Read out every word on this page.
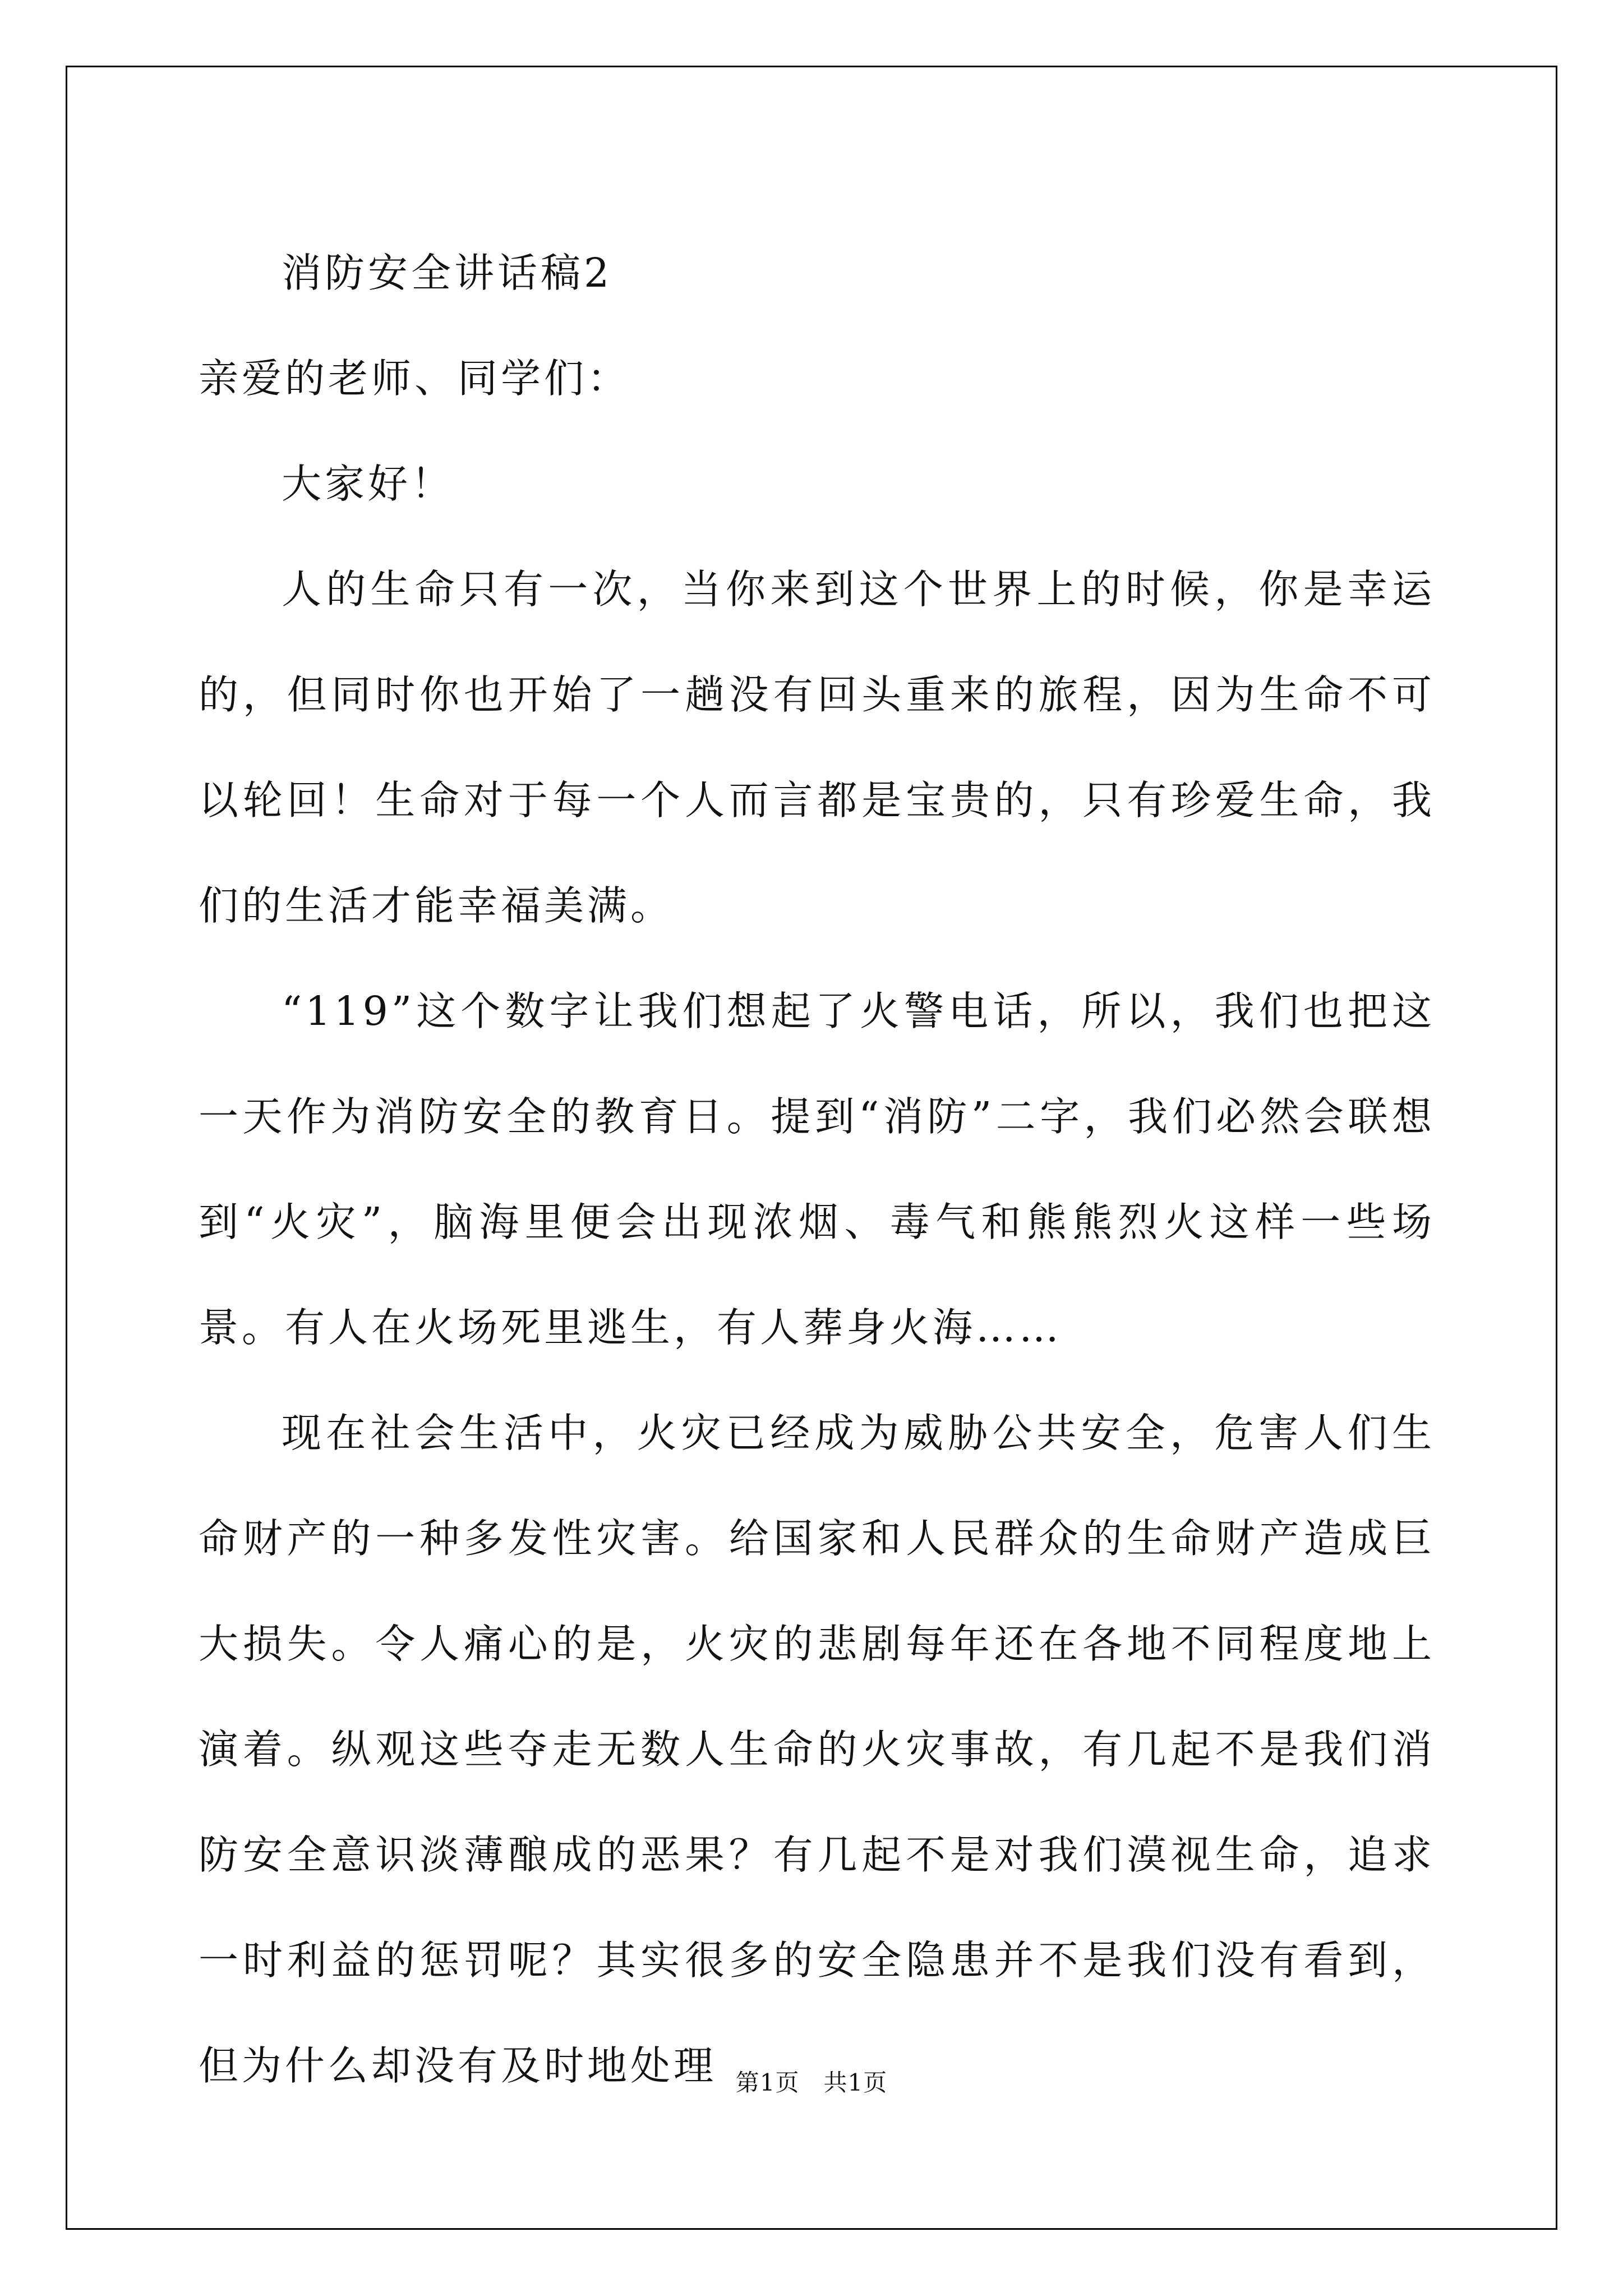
消防安全讲话稿2

亲爱的老师、同学们：

大家好！

人的生命只有一次，当你来到这个世界上的时候，你是幸运的，但同时你也开始了一趟没有回头重来的旅程，因为生命不可以轮回！生命对于每一个人而言都是宝贵的，只有珍爱生命，我们的生活才能幸福美满。

“119”这个数字让我们想起了火警电话，所以，我们也把这一天作为消防安全的教育日。提到“消防”二字，我们必然会联想到“火灾”，脑海里便会出现浓烟、毒气和熊熊烈火这样一些场景。有人在火场死里逃生，有人葬身火海……

现在社会生活中，火灾已经成为威胁公共安全，危害人们生命财产的一种多发性灾害。给国家和人民群众的生命财产造成巨大损失。令人痛心的是，火灾的悲剧每年还在各地不同程度地上演着。纵观这些夺走无数人生命的火灾事故，有几起不是我们消防安全意识淡薄酿成的恶果？有几起不是对我们漠视生命，追求一时利益的惩罚呢？其实很多的安全隐患并不是我们没有看到，但为什么却没有及时地处理 第1页　共1页
